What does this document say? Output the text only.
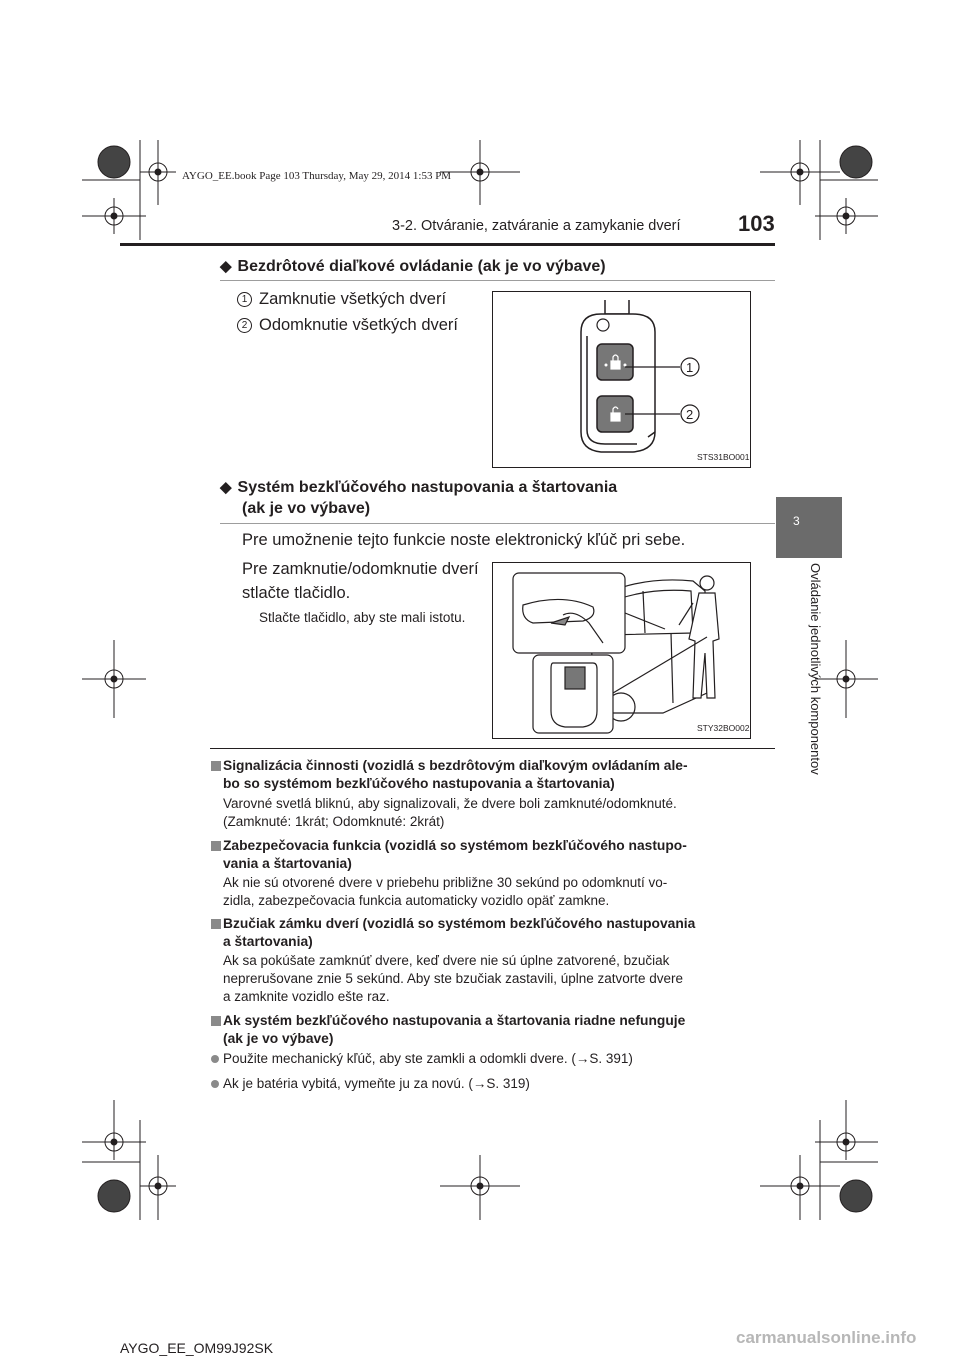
AYGO_EE.book Page 103 Thursday, May 29, 2014 1:53 PM
3-2. Otváranie, zatváranie a zamykanie dverí	103
3
Ovládanie jednotlivých komponentov
◆ Bezdrôtové diaľkové ovládanie (ak je vo výbave)
1 Zamknutie všetkých dverí
2 Odomknutie všetkých dverí
1
2
STS31BO001
◆ Systém bezkľúčového nastupovania a štartovania
(ak je vo výbave)
Pre umožnenie tejto funkcie noste elektronický kľúč pri sebe.
Pre zamknutie/odomknutie dverí
stlačte tlačidlo.
Stlačte tlačidlo, aby ste mali istotu.
STY32BO002
Signalizácia činnosti (vozidlá s bezdrôtovým diaľkovým ovládaním ale-
bo so systémom bezkľúčového nastupovania a štartovania)
Varovné svetlá bliknú, aby signalizovali, že dvere boli zamknuté/odomknuté.
(Zamknuté: 1krát; Odomknuté: 2krát)
Zabezpečovacia funkcia (vozidlá so systémom bezkľúčového nastupo-
vania a štartovania)
Ak nie sú otvorené dvere v priebehu približne 30 sekúnd po odomknutí vo-
zidla, zabezpečovacia funkcia automaticky vozidlo opäť zamkne.
Bzučiak zámku dverí (vozidlá so systémom bezkľúčového nastupovania
a štartovania)
Ak sa pokúšate zamknúť dvere, keď dvere nie sú úplne zatvorené, bzučiak
neprerušovane znie 5 sekúnd. Aby ste bzučiak zastavili, úplne zatvorte dvere
a zamknite vozidlo ešte raz.
Ak systém bezkľúčového nastupovania a štartovania riadne nefunguje
(ak je vo výbave)
Použite mechanický kľúč, aby ste zamkli a odomkli dvere. (→S. 391)
Ak je batéria vybitá, vymeňte ju za novú. (→S. 319)
AYGO_EE_OM99J92SK
carmanualsonline.info
